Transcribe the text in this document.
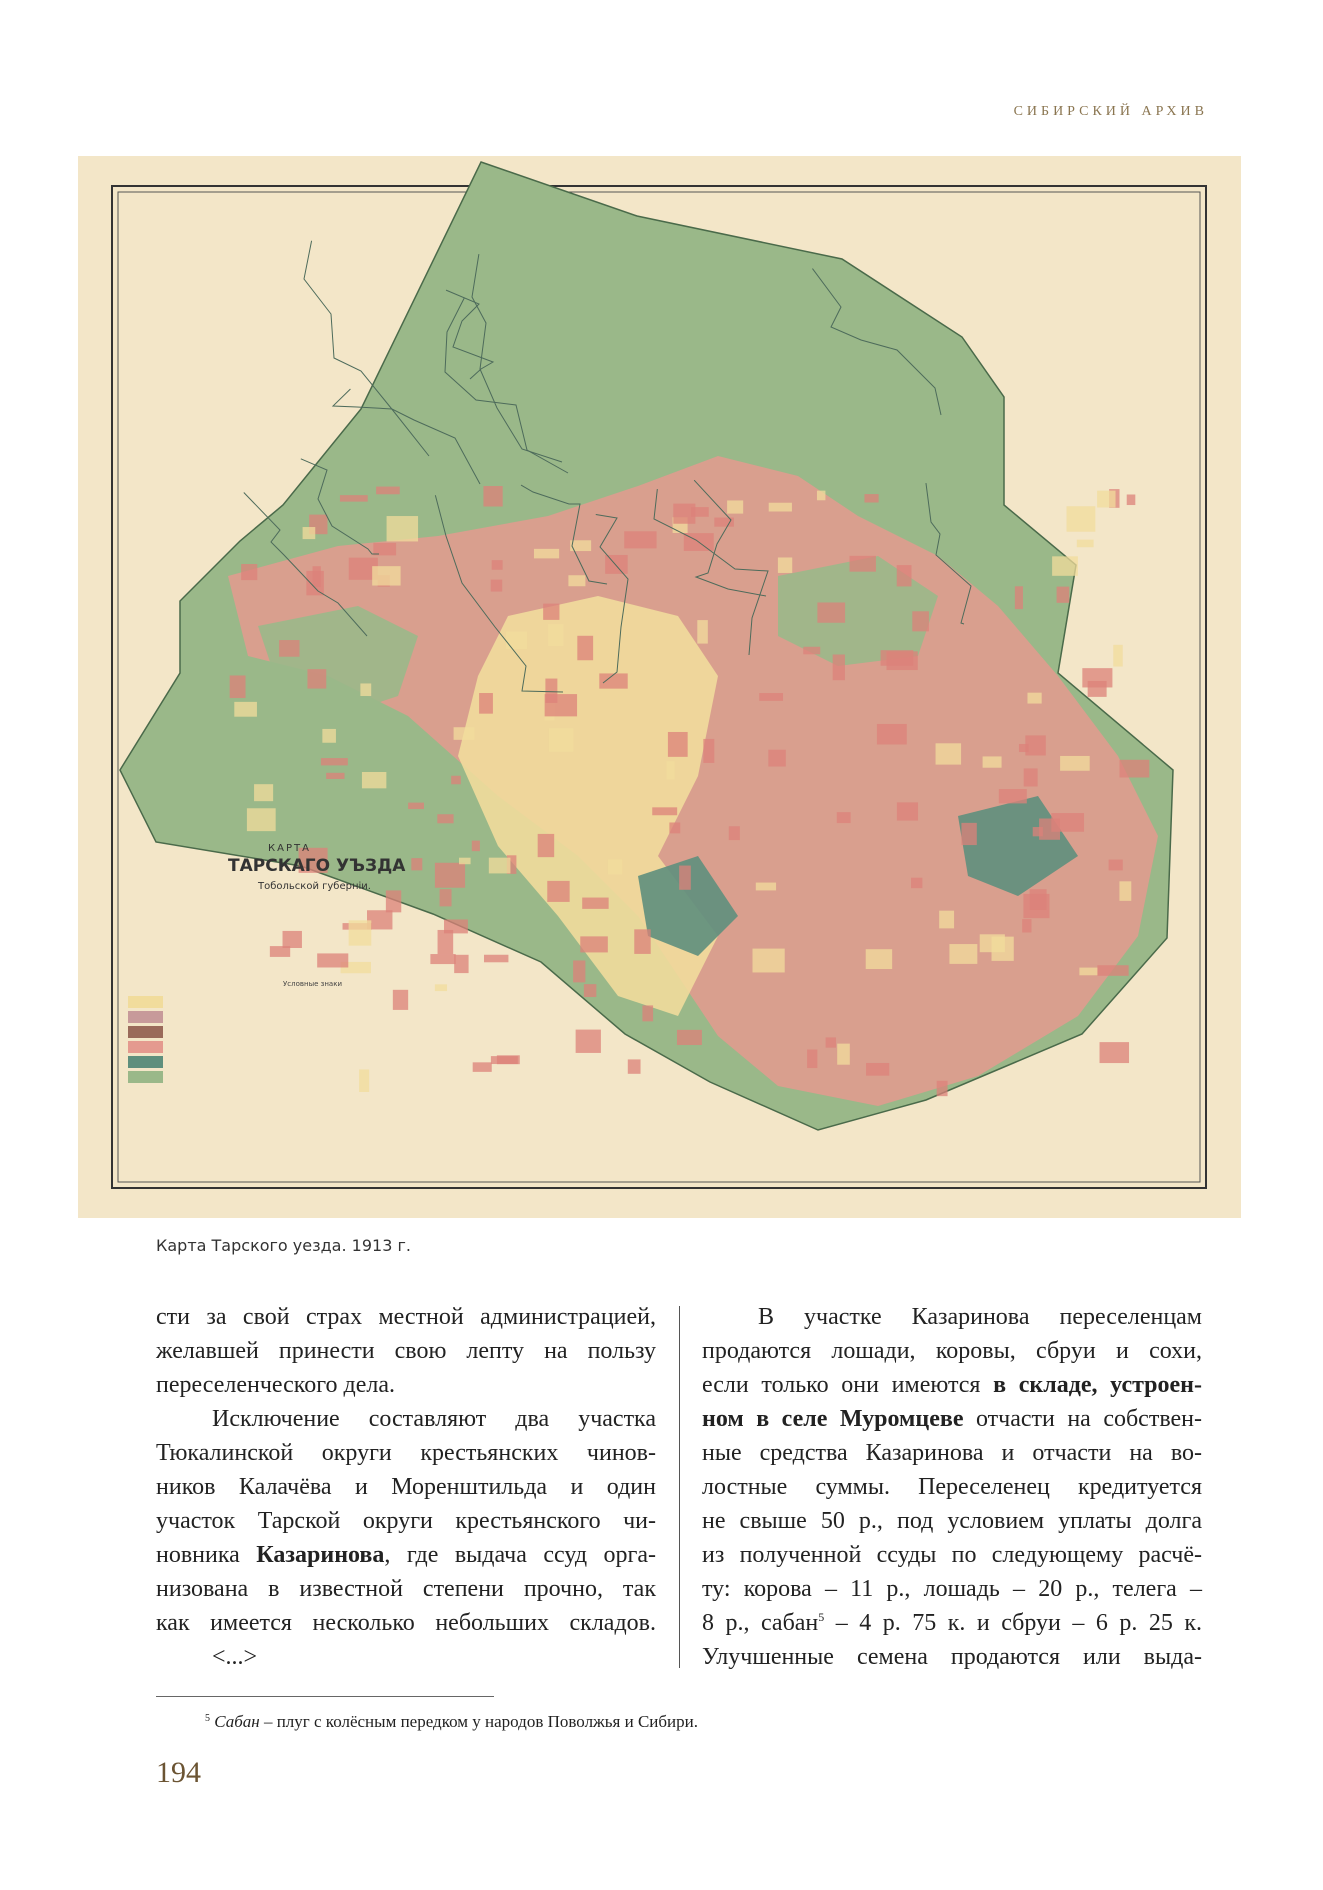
СИБИРСКИЙ АРХИВ
КАРТА
ТАРСКАГО УЪЗДА
Тобольской губерніи.
Условные знаки
Карта Тарского уезда. 1913 г.
сти за свой страх местной администрацией,
желавшей принести свою лепту на пользу
переселенческого дела.
Исключение составляют два участка
Тюкалинской округи крестьянских чинов-
ников Калачёва и Моренштильда и один
участок Тарской округи крестьянского чи-
новника Казаринова, где выдача ссуд орга-
низована в известной степени прочно, так
как имеется несколько небольших складов.
<...>
В участке Казаринова переселенцам
продаются лошади, коровы, сбруи и сохи,
если только они имеются в складе, устроен-
ном в селе Муромцеве отчасти на собствен-
ные средства Казаринова и отчасти на во-
лостные суммы. Переселенец кредитуется
не свыше 50 р., под условием уплаты долга
из полученной ссуды по следующему расчё-
ту: корова – 11 р., лошадь – 20 р., телега –
8 р., сабан$^5$ – 4 р. 75 к. и сбруи – 6 р. 25 к.
Улучшенные семена продаются или выда-
$^5$ Сабан – плуг с колёсным передком у народов Поволжья и Сибири.
194
